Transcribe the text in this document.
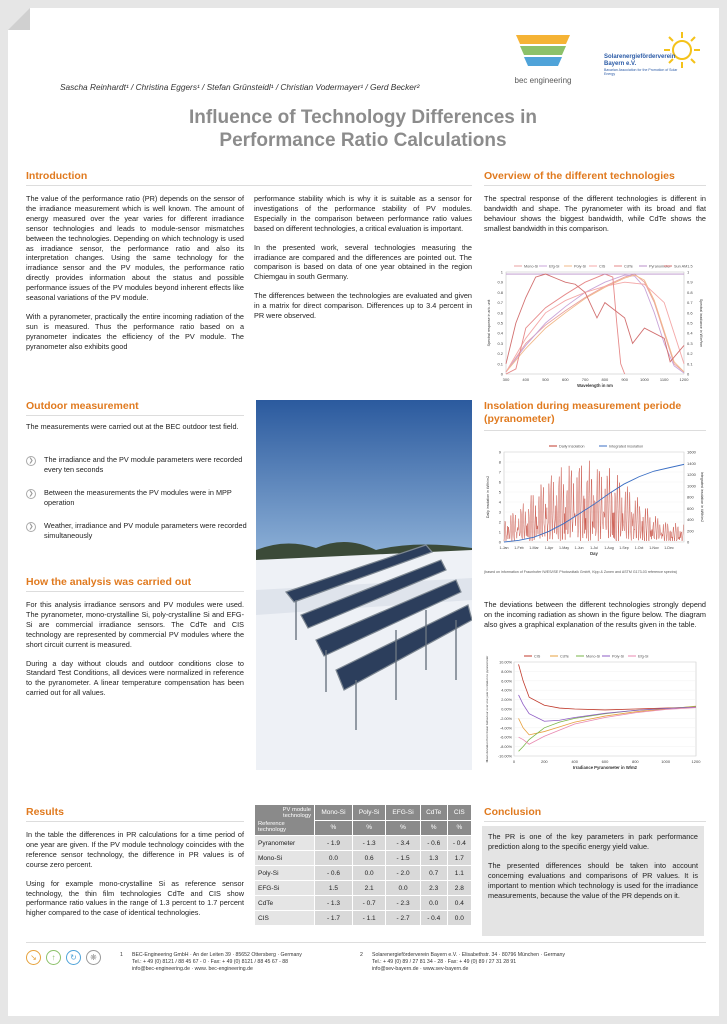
bec engineering
Solarenergieförderverein
Bayern e.V.
Bavarian Association for the Promotion of Solar Energy
Sascha Reinhardt¹ / Christina Eggers¹ / Stefan Grünsteidl¹ / Christian Vodermayer¹ / Gerd Becker²
Influence of Technology Differences in
Performance Ratio Calculations
Introduction

The value of the performance ratio (PR) depends on the sensor of the irradiance measurement which is well known. The amount of energy measured over the year varies for different irradiance sensor technologies and leads to module-sensor mismatches between the technologies. Depending on which technology is used as irradiance sensor, the performance ratio and also its interpretation changes. Using the same technology for the irradiance sensor and the PV modules, the performance ratio directly provides information about the status and possible performance issues of the PV modules beyond inherent effects like seasonal variations of the PV module.

With a pyranometer, practically the entire incoming radiation of the sun is measured. Thus the performance ratio based on a pyranometer indicates the efficiency of the PV module. The pyranometer also exhibits good

performance stability which is why it is suitable as a sensor for investigations of the performance stability of PV modules. Especially in the comparison between performance ratio values based on different technologies, a critical evaluation is important.

In the presented work, several technologies measuring the irradiance are compared and the differences are pointed out. The comparison is based on data of one year obtained in the region Chiemgau in south Germany.

The differences between the technologies are evaluated and given in a matrix for direct comparison. Differences up to 3.4 percent in PR were observed.

Overview of the different technologies
The spectral response of the different technologies is different in bandwidth and shape. The pyranometer with its broad and flat behaviour shows the biggest bandwidth, while CdTe shows the smallest bandwidth in this comparison.
Mono-Si	Efg-Si	Poly-Si	CIS	CdTe	Pyranometer Sun AM1.5
0	0
0.1	0.1
0.2	0.2
0.3	0.3
0.4	0.4
0.5	0.5
0.6	0.6
0.7	0.7
0.8	0.8
0.9	0.9
1	1
300	400	500	600	700	800	900	1000	1100	1200
Wavelength in nm
Spectral response in arb. unit	Spectral irradiance in W/m²nm
Outdoor measurement
The measurements were carried out at the BEC outdoor test field.
❯	The irradiance and the PV module parameters were recorded every ten seconds
❯	Between the measurements the PV modules were in MPP operation
❯	Weather, irradiance and PV module parameters were recorded simultaneously
How the analysis was carried out

For this analysis irradiance sensors and PV modules were used. The pyranometer, mono-crystalline Si, poly-crystalline Si and EFG-Si are commercial irradiance sensors. The CdTe and CIS technology are represented by commercial PV modules where the short circuit current is measured.

During a day without clouds and outdoor conditions close to Standard Test Conditions, all devices were normalized in reference to the pyranometer. A linear temperature compensation has been carried out for all values.

Insolation during measurement periode
(pyranometer)
Daily insolation	Integrated insolation
0
1
2
3
4
5
6
7
8
9
0
200
400
600
800
1000
1200
1400
1600
1-Jan 1-Feb 1-Mar 1-Apr 1-May 1-Jun 1-Jul 1-Aug 1-Sep 1-Oct 1-Nov 1-Dec
Day
Daily insolation in kWh/m2	Integrated insolation in kWh/m2
(based on information of Fraunhofer IWES/ISE Photovoltaik GmbH, Kipp & Zonen and ASTM G173-03 reference spectra)
The deviations between the different technologies strongly depend on the incoming radiation as shown in the figure below. The diagram also gives a graphical explanation of the results given in the table.
CIS	CdTe	Mono-Si	Poly-Si	Efg-Si
10.00%
8.00%
6.00%
4.00%
2.00%
0.00%
-2.00%
-4.00%
-6.00%
-8.00%
-10.00%
0	200	400	600	800	1000	1200
Irradiance Pyranometer in W/m2
Mean deviation from linear behaviour over one year in relation to pyranometer
Results

In the table the differences in PR calculations for a time period of one year are given. If the PV module technology coincides with the reference sensor technology, the difference in PR values is of course zero percent.

Using for example mono-crystalline Si as reference sensor technology, the thin film technologies CdTe and CIS show performance ratio values in the range of 1.3 percent to 1.7 percent higher compared to the case of identical technologies.

PV module technology
Reference technology	Mono-Si	Poly-Si	EFG-Si	CdTe	CIS
	%	%	%	%	%
Pyranometer	- 1.9	- 1.3	- 3.4	- 0.6	- 0.4
Mono-Si	0.0	0.6	- 1.5	1.3	1.7
Poly-Si	- 0.6	0.0	- 2.0	0.7	1.1
EFG-Si	1.5	2.1	0.0	2.3	2.8
CdTe	- 1.3	- 0.7	- 2.3	0.0	0.4
CIS	- 1.7	- 1.1	- 2.7	- 0.4	0.0
Conclusion

The PR is one of the key parameters in park performance prediction along to the specific energy yield value.

The presented differences should be taken into account concerning evaluations and comparisons of PR values. It is important to mention which technology is used for the irradiance measurements, because the value of the PR depends on it.

↘	↑	↻	❋	1 BEC-Engineering GmbH · An der Leiten 39 · 85652 Ottersberg · Germany
Tel.: + 49 (0) 8121 / 88 45 67 - 0 · Fax: + 49 (0) 8121 / 88 45 67 - 88
info@bec-engineering.de · www. bec-engineering.de
2 Solarenergieförderverein Bayern e.V. · Elisabethstr. 34 · 80796 München · Germany
Tel.: + 49 (0) 89 / 27 81 34 - 28 · Fax: + 49 (0) 89 / 27 31 28 91
info@sev-bayern.de · www.sev-bayern.de
